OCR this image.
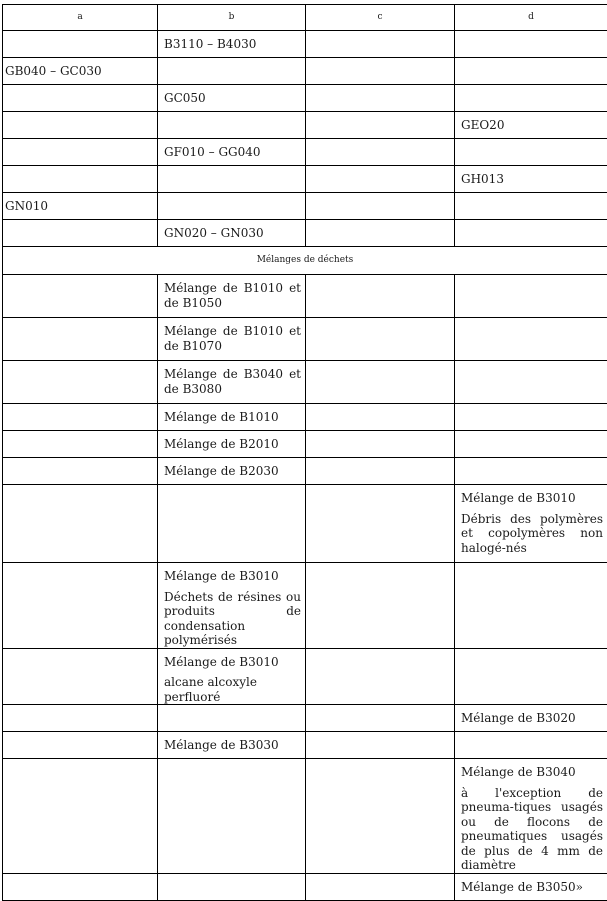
a	b	c	d

	B3110 – B4030		

GB040 – GC030			

	GC050		

			GEO20

	GF010 – GG040		

			GH013

GN010			

	GN020 – GN030		

Mélanges de déchets			

	Mélange de B1010 et de B1050		

	Mélange de B1010 et de B1070		

	Mélange de B3040 et de B3080		

	Mélange de B1010		

	Mélange de B2010		

	Mélange de B2030		

			Mélange de B3010
Débris des polymères et copolymères non halogé-nés

	Mélange de B3010
Déchets de résines ou produits de condensation polymérisés		

	Mélange de B3010
alcane alcoxyle perfluoré		

			Mélange de B3020

	Mélange de B3030		

			Mélange de B3040
à l'exception de pneuma-tiques usagés ou de flocons de pneumatiques usagés de plus de 4 mm de diamètre

			Mélange de B3050»
